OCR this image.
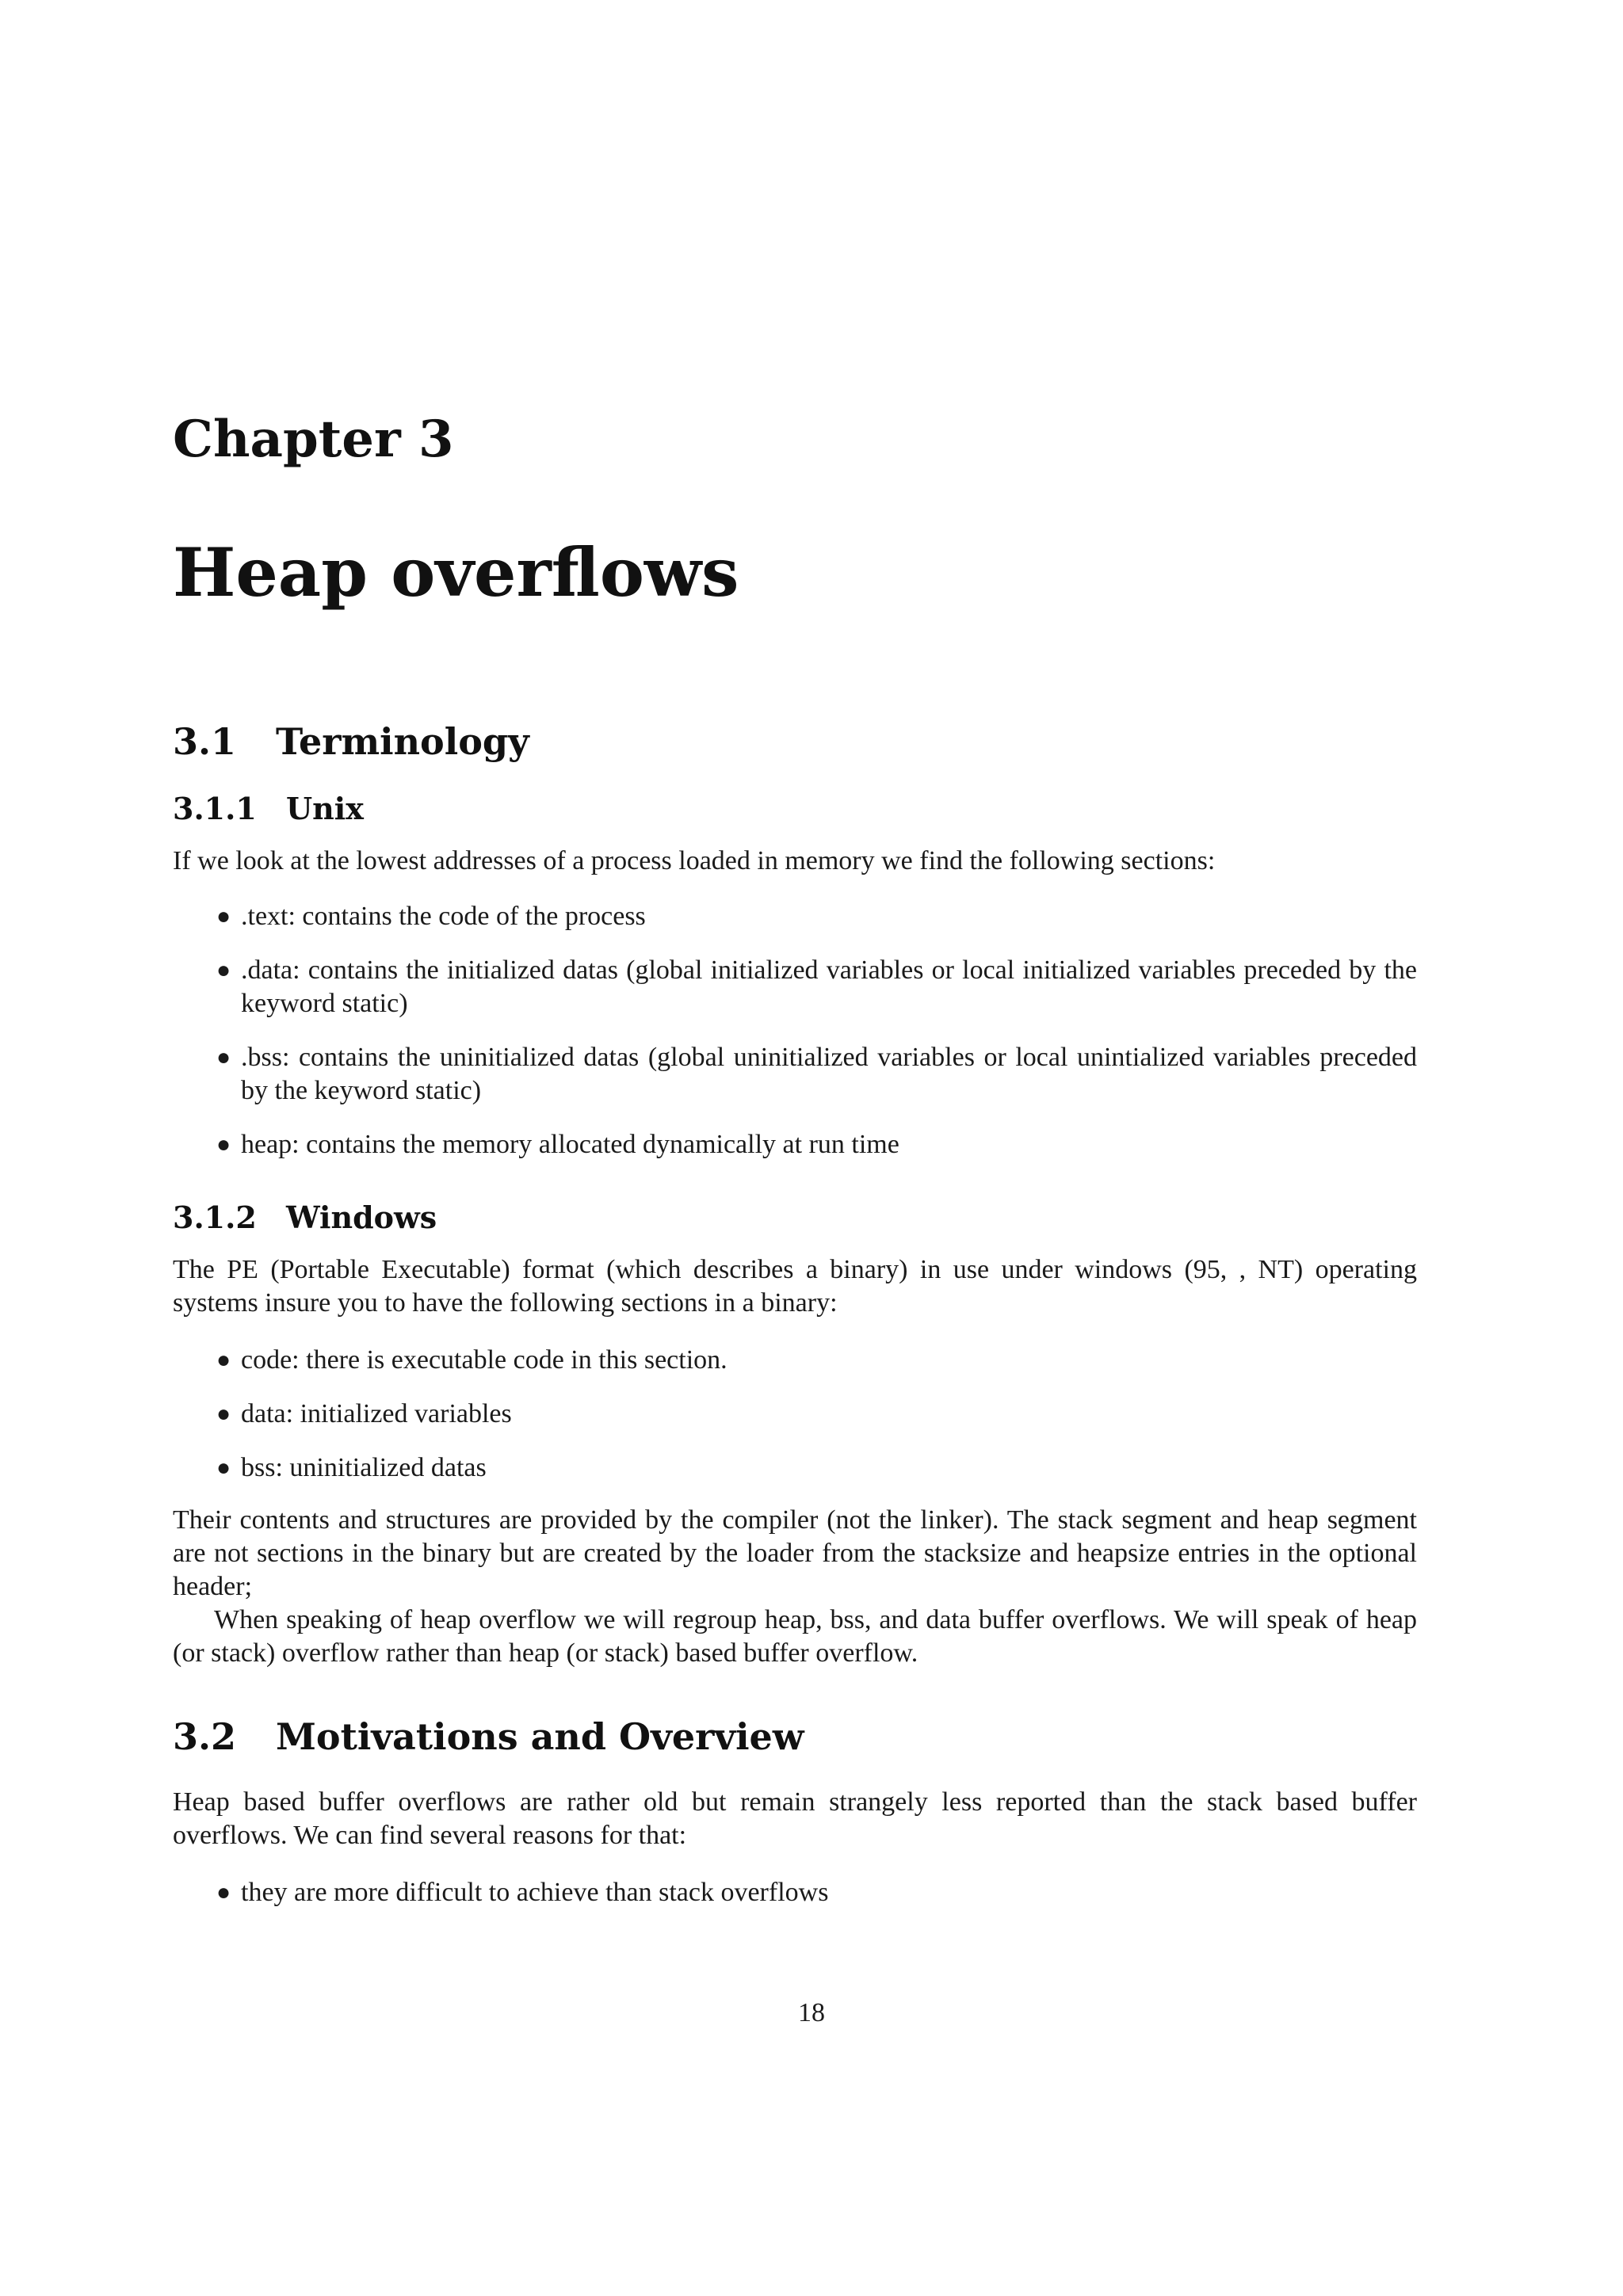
Chapter 3
Heap overflows
3.1 Terminology
3.1.1 Unix

If we look at the lowest addresses of a process loaded in memory we find the following sections:

● .text: contains the code of the process
● .data: contains the initialized datas (global initialized variables or local initialized variables preceded by the keyword static)
● .bss: contains the uninitialized datas (global uninitialized variables or local unintialized variables preceded by the keyword static)
● heap: contains the memory allocated dynamically at run time
3.1.2 Windows

The PE (Portable Executable) format (which describes a binary) in use under windows (95, , NT) operating systems insure you to have the following sections in a binary:

● code: there is executable code in this section.
● data: initialized variables
● bss: uninitialized datas

Their contents and structures are provided by the compiler (not the linker). The stack segment and heap segment are not sections in the binary but are created by the loader from the stacksize and heapsize entries in the optional header;

When speaking of heap overflow we will regroup heap, bss, and data buffer overflows. We will speak of heap (or stack) overflow rather than heap (or stack) based buffer overflow.

3.2 Motivations and Overview

Heap based buffer overflows are rather old but remain strangely less reported than the stack based buffer overflows. We can find several reasons for that:

● they are more difficult to achieve than stack overflows

18
